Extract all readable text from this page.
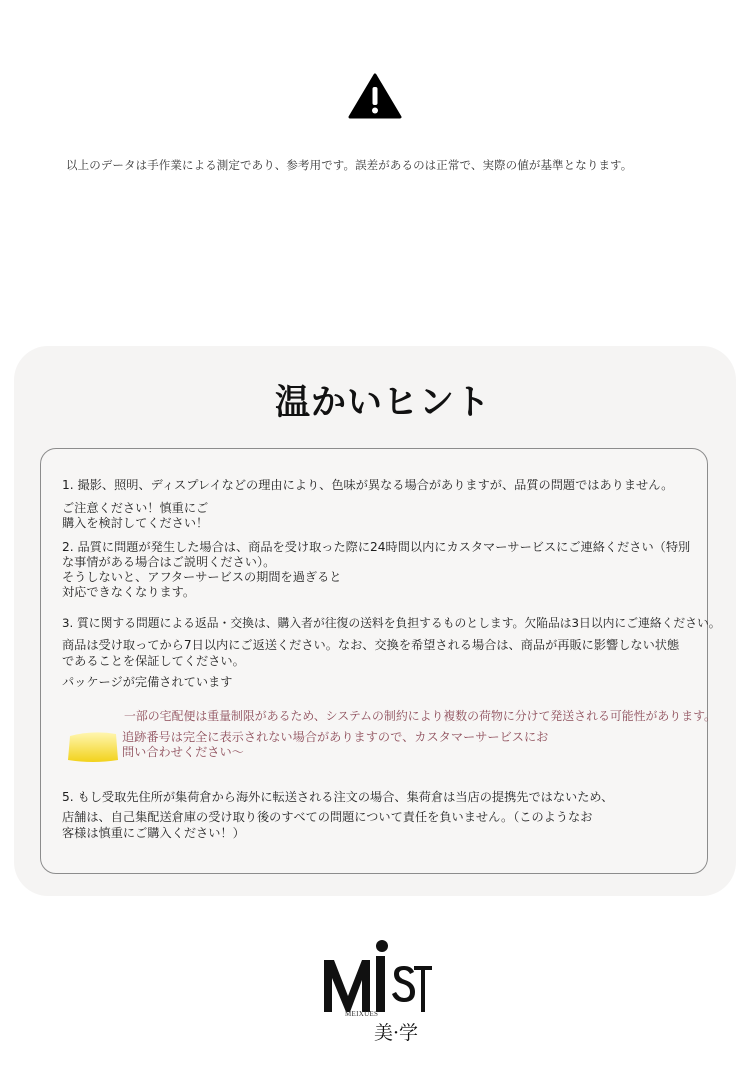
以上のデータは手作業による測定であり、参考用です。誤差があるのは正常で、実際の値が基準となります。
温かいヒント
1. 撮影、照明、ディスプレイなどの理由により、色味が異なる場合がありますが、品質の問題ではありません。
ご注意ください！慎重にご
購入を検討してください！
2. 品質に問題が発生した場合は、商品を受け取った際に24時間以内にカスタマーサービスにご連絡ください（特別
な事情がある場合はご説明ください）。
そうしないと、アフターサービスの期間を過ぎると
対応できなくなります。
3. 質に関する問題による返品・交換は、購入者が往復の送料を負担するものとします。欠陥品は3日以内にご連絡ください。
商品は受け取ってから7日以内にご返送ください。なお、交換を希望される場合は、商品が再販に影響しない状態
であることを保証してください。
パッケージが完備されています
一部の宅配便は重量制限があるため、システムの制約により複数の荷物に分けて発送される可能性があります。
追跡番号は完全に表示されない場合がありますので、カスタマーサービスにお
問い合わせください〜
5. もし受取先住所が集荷倉から海外に転送される注文の場合、集荷倉は当店の提携先ではないため、
店舗は、自己集配送倉庫の受け取り後のすべての問題について責任を負いません。（このようなお
客様は慎重にご購入ください！）
MEIXUES
美·学
